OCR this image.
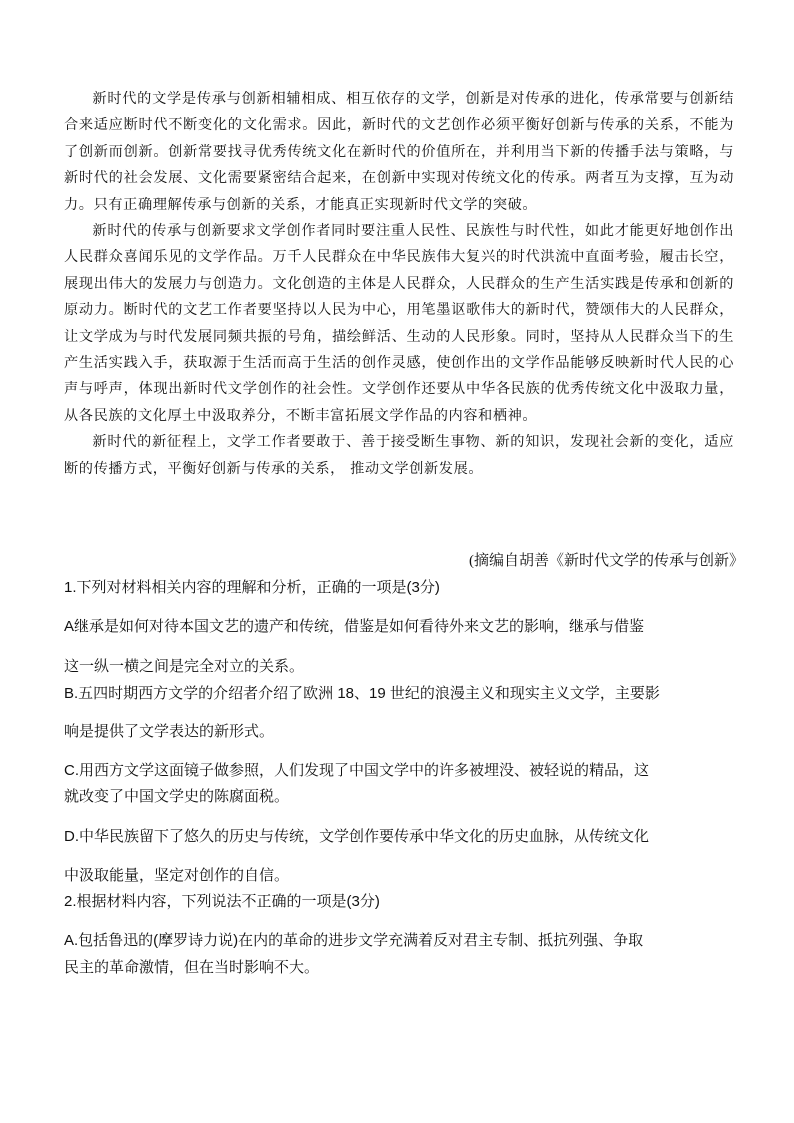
新时代的文学是传承与创新相辅相成、相互依存的文学，创新是对传承的进化，传承常要与创新结合来适应断时代不断变化的文化需求。因此，新时代的文艺创作必须平衡好创新与传承的关系，不能为了创新而创新。创新常要找寻优秀传统文化在新时代的价值所在，并利用当下新的传播手法与策略，与新时代的社会发展、文化需要紧密结合起来，在创新中实现对传统文化的传承。两者互为支撑，互为动力。只有正确理解传承与创新的关系，才能真正实现新时代文学的突破。

新时代的传承与创新要求文学创作者同时要注重人民性、民族性与时代性，如此才能更好地创作出人民群众喜闻乐见的文学作品。万千人民群众在中华民族伟大复兴的时代洪流中直面考验，履击长空，展现出伟大的发展力与创造力。文化创造的主体是人民群众，人民群众的生产生活实践是传承和创新的原动力。断时代的文艺工作者要坚持以人民为中心，用笔墨讴歌伟大的新时代，赞颂伟大的人民群众，让文学成为与时代发展同频共振的号角，描绘鲜活、生动的人民形象。同时，坚持从人民群众当下的生产生活实践入手，获取源于生活而高于生活的创作灵感，使创作出的文学作品能够反映新时代人民的心声与呼声，体现出新时代文学创作的社会性。文学创作还要从中华各民族的优秀传统文化中汲取力量，从各民族的文化厚土中汲取养分，不断丰富拓展文学作品的内容和栖神。

新时代的新征程上，文学工作者要敢于、善于接受断生事物、新的知识，发现社会新的变化，适应断的传播方式，平衡好创新与传承的关系， 推动文学创新发展。

(摘编自胡善《新时代文学的传承与创新》

1.下列对材料相关内容的理解和分析，正确的一项是(3分)

A继承是如何对待本国文艺的遗产和传统，借鉴是如何看待外来文艺的影响，继承与借鉴

这一纵一横之间是完全对立的关系。

B.五四时期西方文学的介绍者介绍了欧洲 18、19 世纪的浪漫主义和现实主义文学，主要影

响是提供了文学表达的新形式。

C.用西方文学这面镜子做参照，人们发现了中国文学中的许多被埋没、被轻说的精品，这

就改变了中国文学史的陈腐面税。

D.中华民族留下了悠久的历史与传统，文学创作要传承中华文化的历史血脉，从传统文化

中汲取能量，坚定对创作的自信。

2.根据材料内容，下列说法不正确的一项是(3分)

A.包括鲁迅的(摩罗诗力说)在内的革命的进步文学充满着反对君主专制、抵抗列强、争取

民主的革命激情，但在当时影响不大。
